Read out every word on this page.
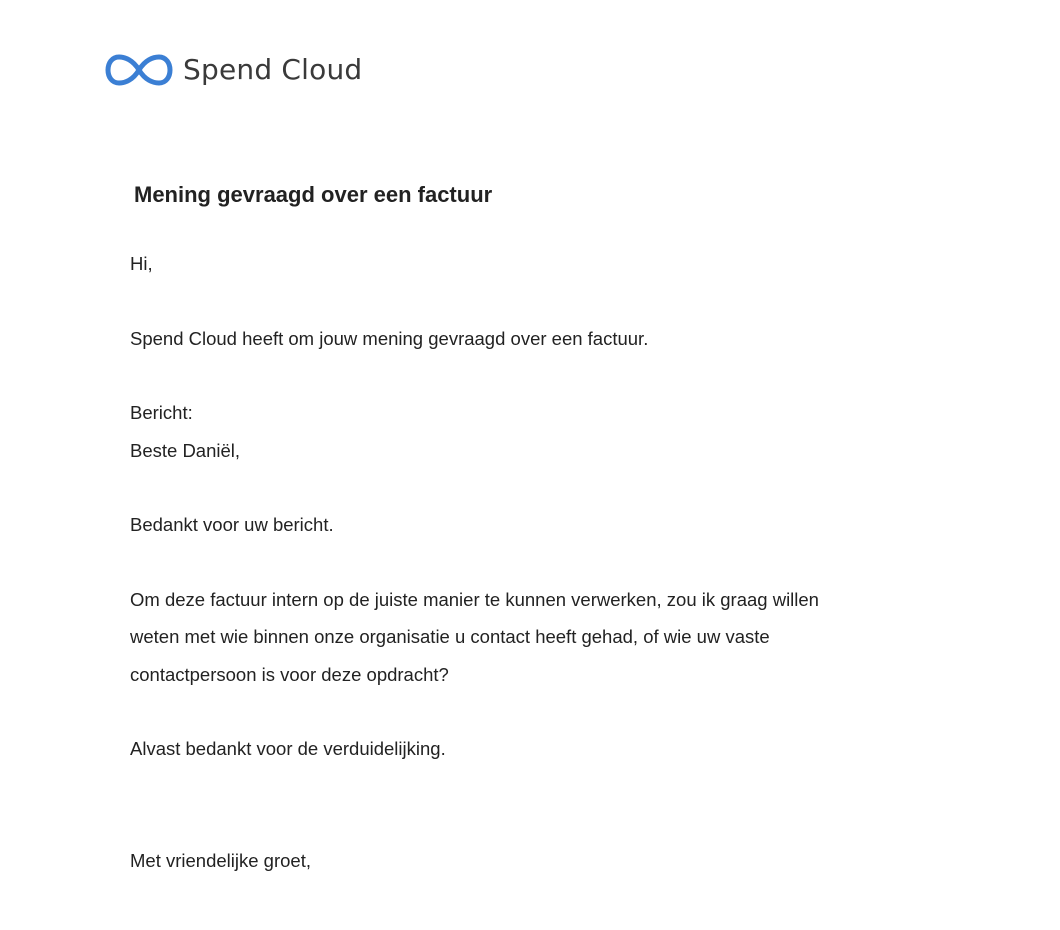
Spend Cloud
Mening gevraagd over een factuur

Hi,

Spend Cloud heeft om jouw mening gevraagd over een factuur.

Bericht:

Beste Daniël,

Bedankt voor uw bericht.

Om deze factuur intern op de juiste manier te kunnen verwerken, zou ik graag willen

weten met wie binnen onze organisatie u contact heeft gehad, of wie uw vaste

contactpersoon is voor deze opdracht?

Alvast bedankt voor de verduidelijking.

Met vriendelijke groet,
